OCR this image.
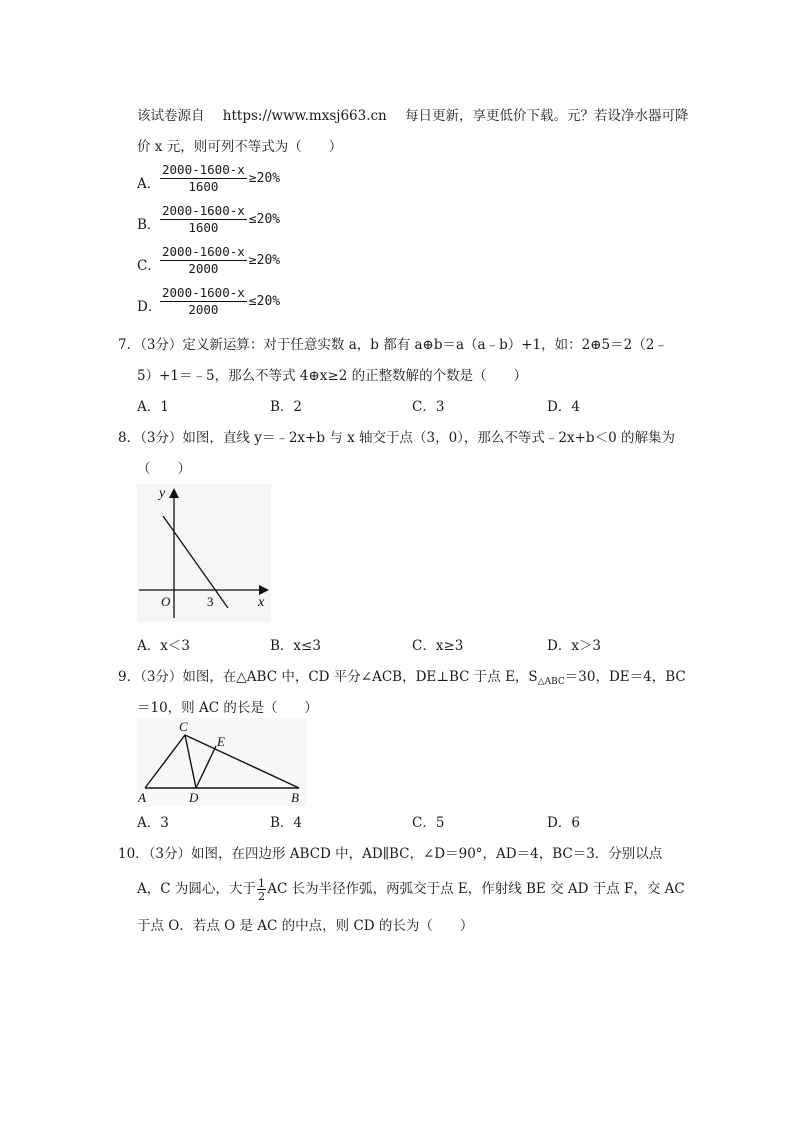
该试卷源自 https://www.mxsj663.cn 每日更新，享更低价下载。元？若设净水器可降
价 x 元，则可列不等式为（　　）
A． $\frac{2000-1600-x}{1600} \ge 20\%$
B． $\frac{2000-1600-x}{1600} \le 20\%$
C． $\frac{2000-1600-x}{2000} \ge 20\%$
D．
$\frac{2000-1600-x}{2000} \le 20\%$
7．（3分）定义新运算：对于任意实数 a，b 都有 a⊕b＝a（a﹣b）+1，如：2⊕5＝2（2﹣
5）+1＝﹣5，那么不等式 4⊕x≥2 的正整数解的个数是（　　）
A．1	B．2	C．3	D．4
8．（3分）如图，直线 y＝﹣2x+b 与 x 轴交于点（3，0），那么不等式﹣2x+b＜0 的解集为
（　　）
y
x
O	3
A．x＜3	B．x≤3	C．x≥3	D．x＞3
9．（3分）如图，在△ABC 中，CD 平分∠ACB，DE⊥BC 于点 E，$S_{\triangle ABC}=30$，DE＝4，BC
＝10，则 AC 的长是（　　）
A
C
E
D	B
A．3	B．4	C．5	D．6
10．（3分）如图，在四边形 ABCD 中，AD∥BC，∠D＝90°，AD＝4，BC＝3．分别以点
A，C 为圆心，大于 $\frac{1}{2}$ AC 长为半径作弧，两弧交于点 E，作射线 BE 交 AD 于点 F，交 AC
于点 O．若点 O 是 AC 的中点，则 CD 的长为（　　）
